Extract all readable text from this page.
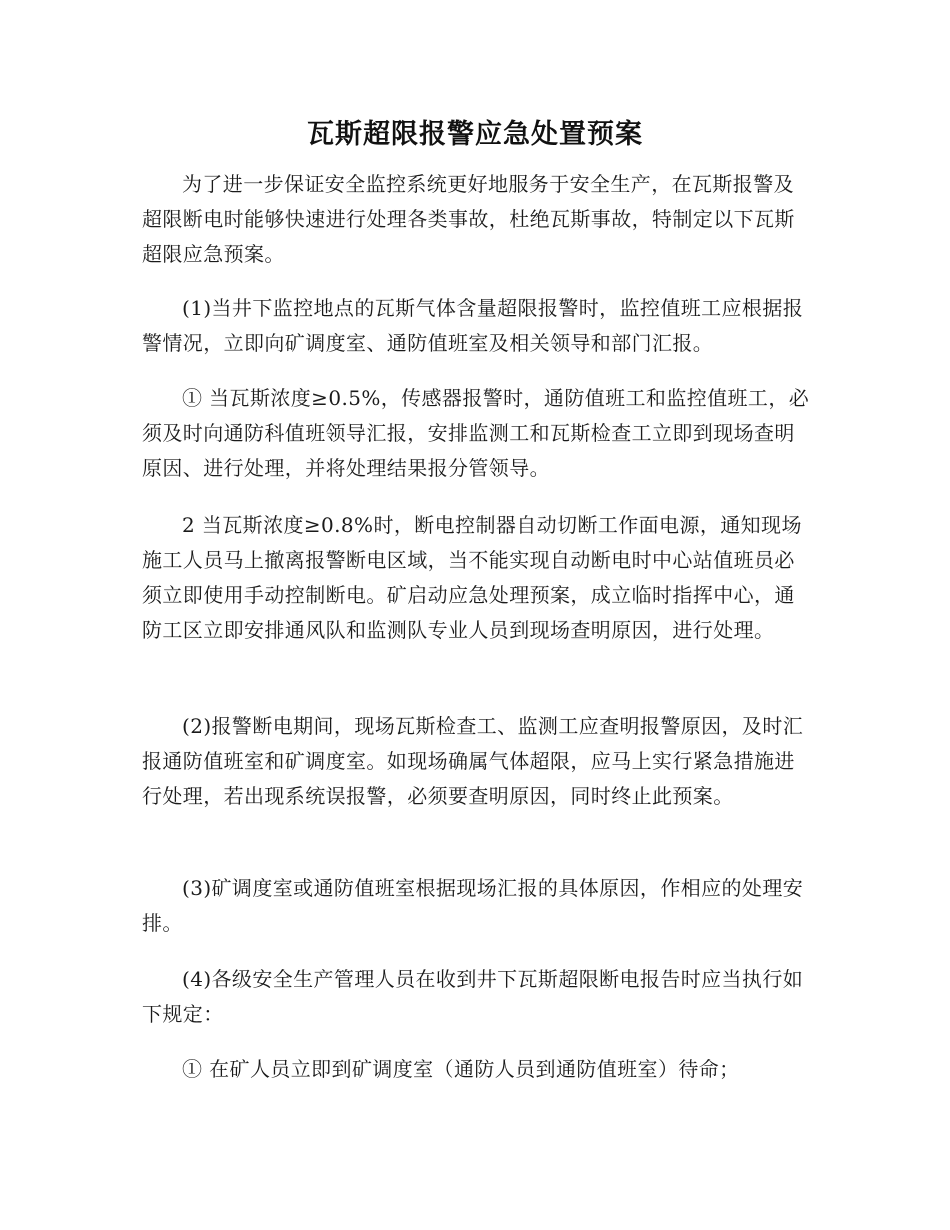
瓦斯超限报警应急处置预案

为了进一步保证安全监控系统更好地服务于安全生产，在瓦斯报警及超限断电时能够快速进行处理各类事故，杜绝瓦斯事故，特制定以下瓦斯超限应急预案。

(1)当井下监控地点的瓦斯气体含量超限报警时，监控值班工应根据报警情况，立即向矿调度室、通防值班室及相关领导和部门汇报。

① 当瓦斯浓度≥0.5%，传感器报警时，通防值班工和监控值班工，必须及时向通防科值班领导汇报，安排监测工和瓦斯检查工立即到现场查明原因、进行处理，并将处理结果报分管领导。

2 当瓦斯浓度≥0.8%时，断电控制器自动切断工作面电源，通知现场施工人员马上撤离报警断电区域，当不能实现自动断电时中心站值班员必须立即使用手动控制断电。矿启动应急处理预案，成立临时指挥中心，通防工区立即安排通风队和监测队专业人员到现场查明原因，进行处理。

(2)报警断电期间，现场瓦斯检查工、监测工应查明报警原因，及时汇报通防值班室和矿调度室。如现场确属气体超限，应马上实行紧急措施进行处理，若出现系统误报警，必须要查明原因，同时终止此预案。

(3)矿调度室或通防值班室根据现场汇报的具体原因，作相应的处理安排。

(4)各级安全生产管理人员在收到井下瓦斯超限断电报告时应当执行如下规定：

① 在矿人员立即到矿调度室（通防人员到通防值班室）待命；
